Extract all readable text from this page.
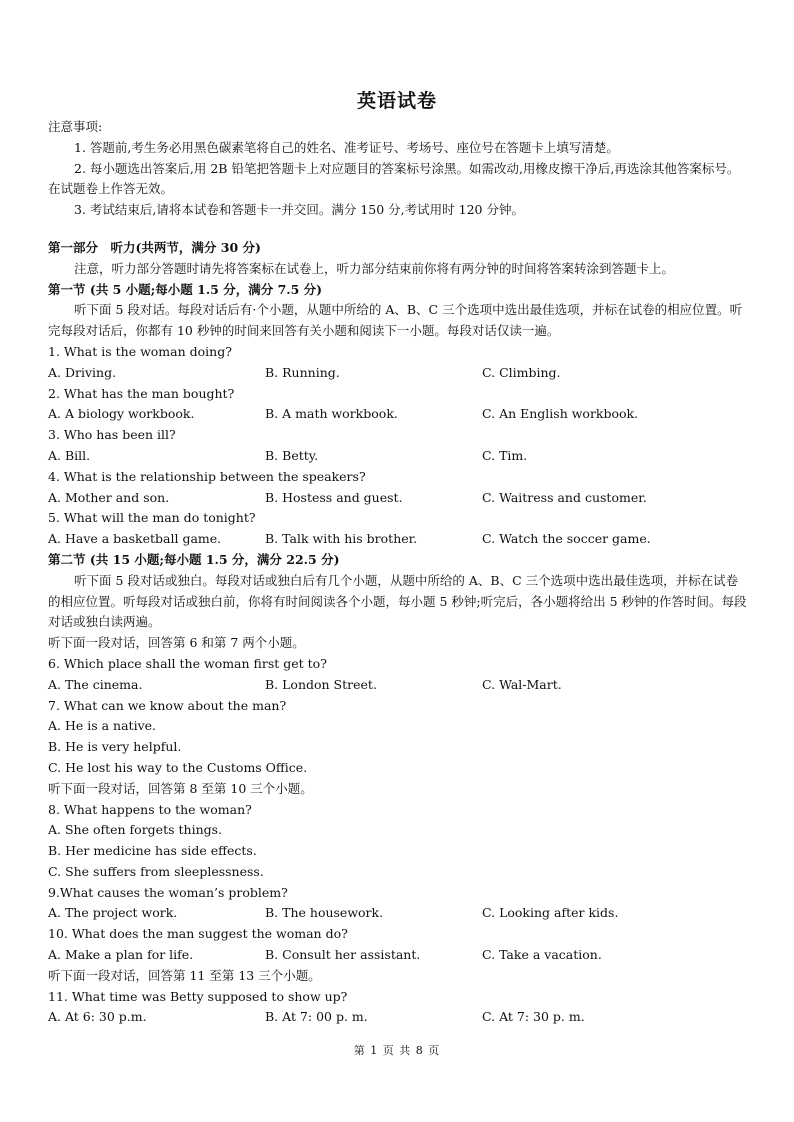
英语试卷
注意事项:
1. 答题前,考生务必用黑色碳素笔将自己的姓名、准考证号、考场号、座位号在答题卡上填写清楚。
2. 每小题选出答案后,用 2B 铅笔把答题卡上对应题目的答案标号涂黑。如需改动,用橡皮擦干净后,再选涂其他答案标号。在试题卷上作答无效。
3. 考试结束后,请将本试卷和答题卡一并交回。满分 150 分,考试用时 120 分钟。
第一部分　听力(共两节，满分 30 分)
注意，听力部分答题时请先将答案标在试卷上，听力部分结束前你将有两分钟的时间将答案转涂到答题卡上。
第一节 (共 5 小题;每小题 1.5 分，满分 7.5 分)
听下面 5 段对话。每段对话后有·个小题，从题中所给的 A、B、C 三个选项中选出最佳选项，并标在试卷的相应位置。听完每段对话后，你都有 10 秒钟的时间来回答有关小题和阅读下一小题。每段对话仅读一遍。
1. What is the woman doing?
A. Driving.	B. Running.	C. Climbing.
2. What has the man bought?
A. A biology workbook.	B. A math workbook.	C. An English workbook.
3. Who has been ill?
A. Bill.	B. Betty.	C. Tim.
4. What is the relationship between the speakers?
A. Mother and son.	B. Hostess and guest.	C. Waitress and customer.
5. What will the man do tonight?
A. Have a basketball game.	B. Talk with his brother.	C. Watch the soccer game.
第二节 (共 15 小题;每小题 1.5 分，满分 22.5 分)
听下面 5 段对话或独白。每段对话或独白后有几个小题，从题中所给的 A、B、C 三个选项中选出最佳选项，并标在试卷的相应位置。听每段对话或独白前，你将有时间阅读各个小题，每小题 5 秒钟;听完后，各小题将给出 5 秒钟的作答时间。每段对话或独白读两遍。
听下面一段对话，回答第 6 和第 7 两个小题。
6. Which place shall the woman first get to?
A. The cinema.	B. London Street.	C. Wal-Mart.
7. What can we know about the man?
A. He is a native.
B. He is very helpful.
C. He lost his way to the Customs Office.
听下面一段对话，回答第 8 至第 10 三个小题。
8. What happens to the woman?
A. She often forgets things.
B. Her medicine has side effects.
C. She suffers from sleeplessness.
9.What causes the woman’s problem?
A. The project work.	B. The housework.	C. Looking after kids.
10. What does the man suggest the woman do?
A. Make a plan for life.	B. Consult her assistant.	C. Take a vacation.
听下面一段对话，回答第 11 至第 13 三个小题。
11. What time was Betty supposed to show up?
A. At 6: 30 p.m.	B. At 7: 00 p. m.	C. At 7: 30 p. m.
第 1 页 共 8 页
